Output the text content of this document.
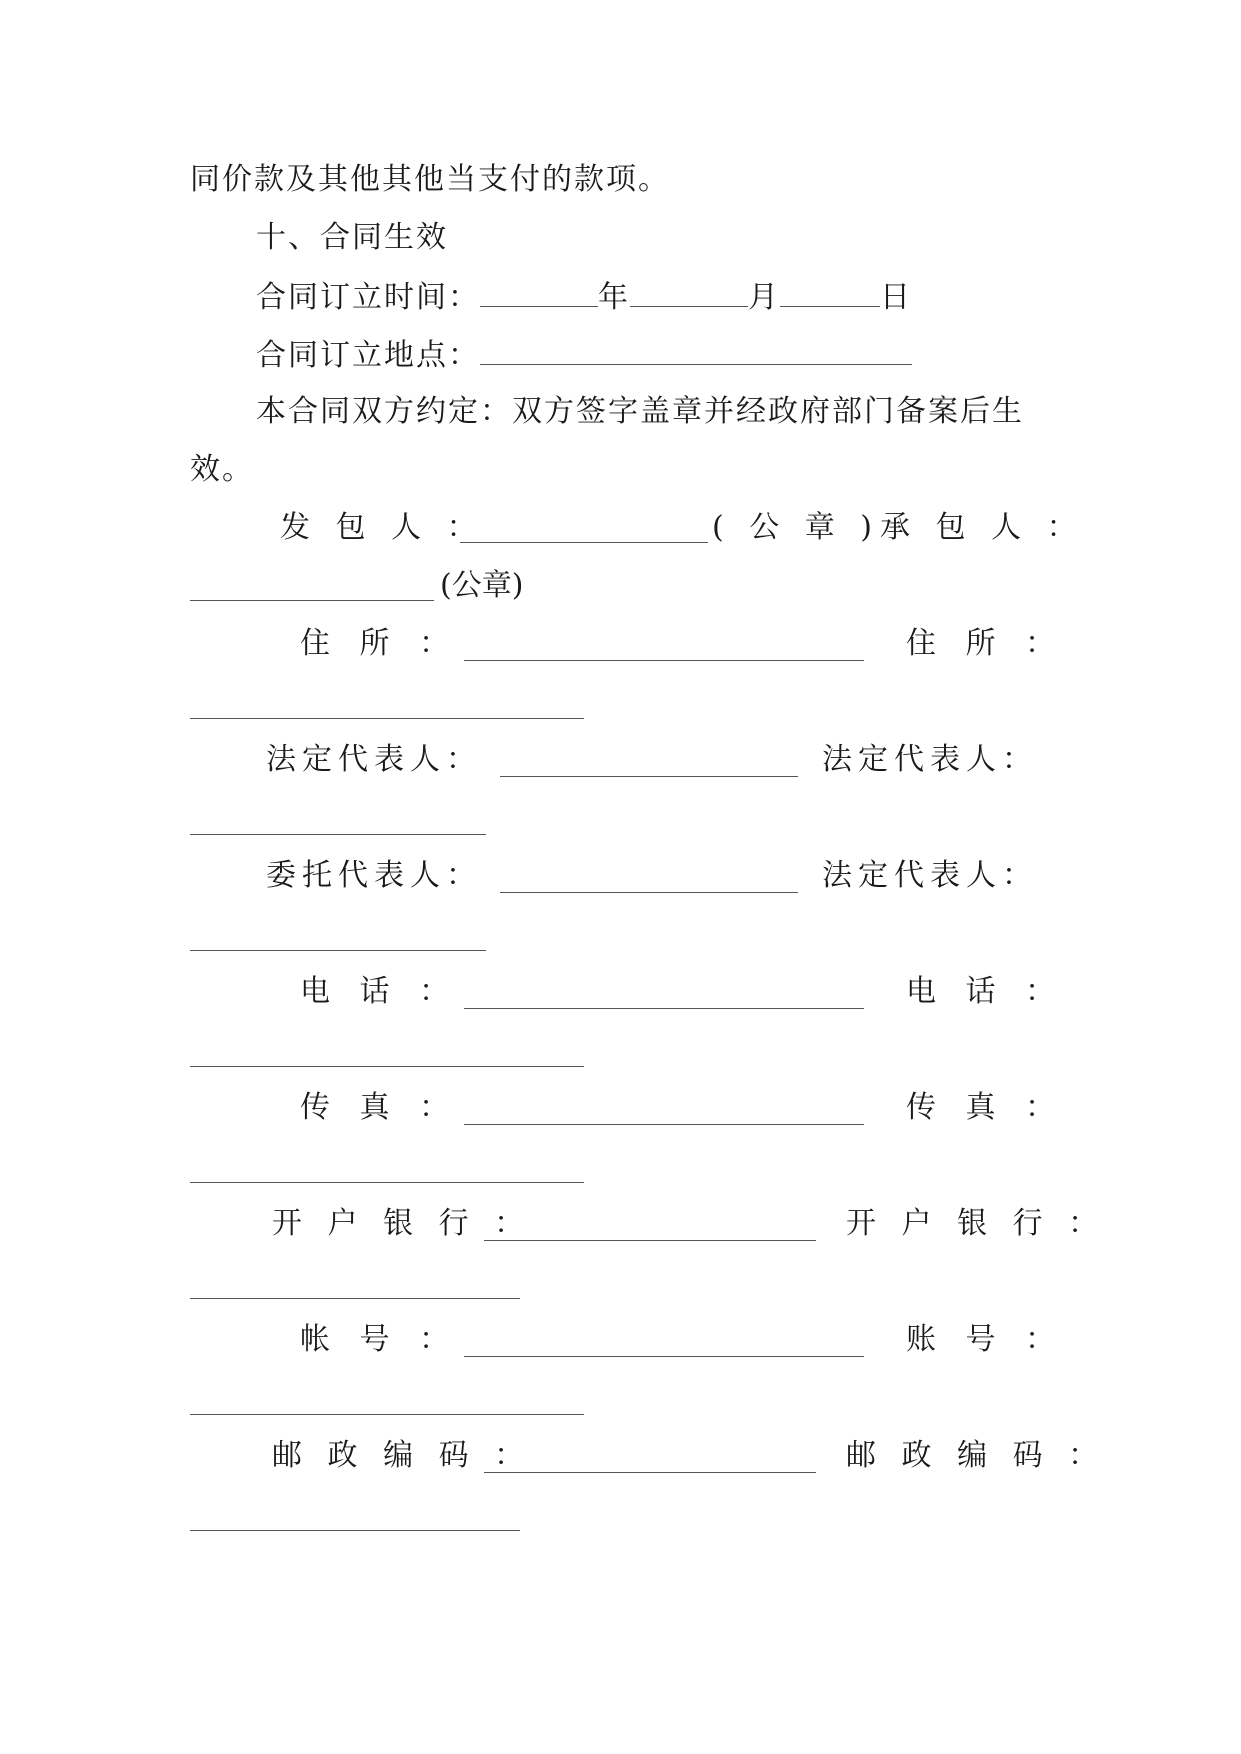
同价款及其他其他当支付的款项。
十、合同生效
合同订立时间：	年	月	日
合同订立地点：
本合同双方约定：双方签字盖章并经政府部门备案后生
效。
发 包 人 ：	( 公 章 ) 承 包 人 ：
(公章)
住 所 ：	住 所 ：
法定代表人：	法定代表人：
委托代表人：	法定代表人：
电 话 ：	电 话 ：
传 真 ：	传 真 ：
开 户 银 行 ：	开 户 银 行 ：
帐 号 ：	账 号 ：
邮 政 编 码 ：	邮 政 编 码 ：
